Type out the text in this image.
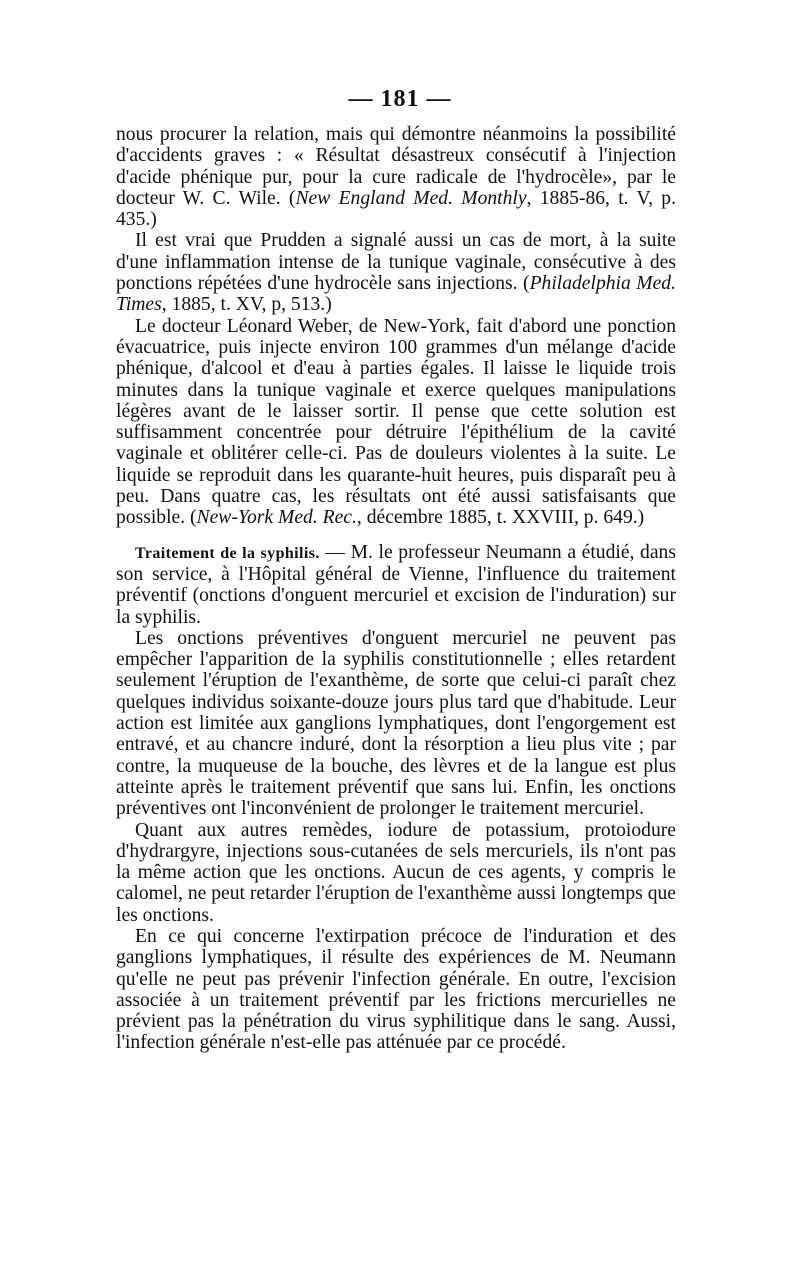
— 181 —

nous procurer la relation, mais qui démontre néanmoins la possibilité d'accidents graves : « Résultat désastreux consécutif à l'injection d'acide phénique pur, pour la cure radicale de l'hydrocèle», par le docteur W. C. Wile. (New England Med. Monthly, 1885-86, t. V, p. 435.)

Il est vrai que Prudden a signalé aussi un cas de mort, à la suite d'une inflammation intense de la tunique vaginale, consécutive à des ponctions répétées d'une hydrocèle sans injections. (Philadelphia Med. Times, 1885, t. XV, p, 513.)

Le docteur Léonard Weber, de New-York, fait d'abord une ponction évacuatrice, puis injecte environ 100 grammes d'un mélange d'acide phénique, d'alcool et d'eau à parties égales. Il laisse le liquide trois minutes dans la tunique vaginale et exerce quelques manipulations légères avant de le laisser sortir. Il pense que cette solution est suffisamment concentrée pour détruire l'épithélium de la cavité vaginale et oblitérer celle-ci. Pas de douleurs violentes à la suite. Le liquide se reproduit dans les quarante-huit heures, puis disparaît peu à peu. Dans quatre cas, les résultats ont été aussi satisfaisants que possible. (New-York Med. Rec., décembre 1885, t. XXVIII, p. 649.)

Traitement de la syphilis. — M. le professeur Neumann a étudié, dans son service, à l'Hôpital général de Vienne, l'influence du traitement préventif (onctions d'onguent mercuriel et excision de l'induration) sur la syphilis.

Les onctions préventives d'onguent mercuriel ne peuvent pas empêcher l'apparition de la syphilis constitutionnelle ; elles retardent seulement l'éruption de l'exanthème, de sorte que celui-ci paraît chez quelques individus soixante-douze jours plus tard que d'habitude. Leur action est limitée aux ganglions lymphatiques, dont l'engorgement est entravé, et au chancre induré, dont la résorption a lieu plus vite ; par contre, la muqueuse de la bouche, des lèvres et de la langue est plus atteinte après le traitement préventif que sans lui. Enfin, les onctions préventives ont l'inconvénient de prolonger le traitement mercuriel.

Quant aux autres remèdes, iodure de potassium, protoiodure d'hydrargyre, injections sous-cutanées de sels mercuriels, ils n'ont pas la même action que les onctions. Aucun de ces agents, y compris le calomel, ne peut retarder l'éruption de l'exanthème aussi longtemps que les onctions.

En ce qui concerne l'extirpation précoce de l'induration et des ganglions lymphatiques, il résulte des expériences de M. Neumann qu'elle ne peut pas prévenir l'infection générale. En outre, l'excision associée à un traitement préventif par les frictions mercurielles ne prévient pas la pénétration du virus syphilitique dans le sang. Aussi, l'infection générale n'est-elle pas atténuée par ce procédé.
